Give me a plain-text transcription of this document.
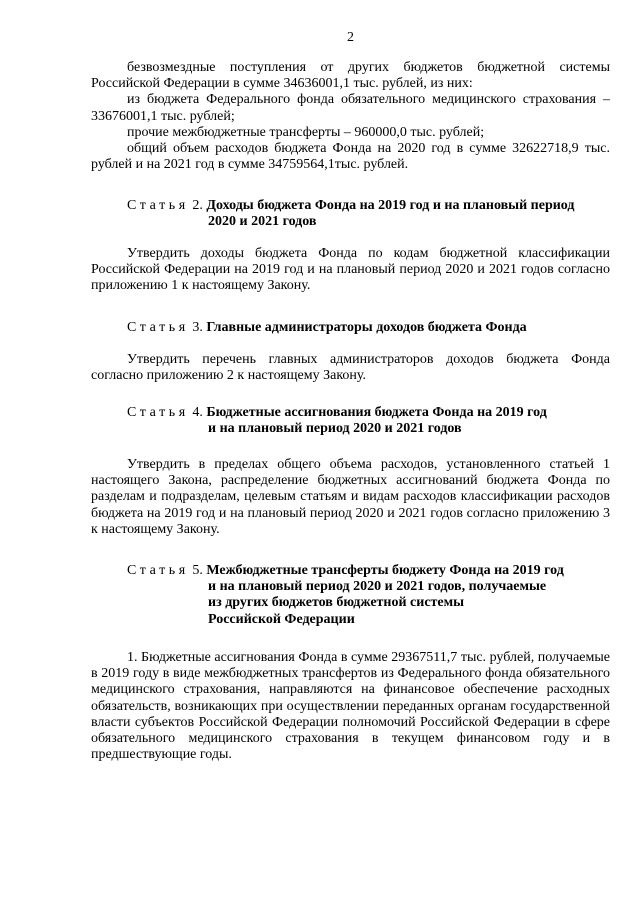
2

безвозмездные поступления от других бюджетов бюджетной системы Российской Федерации в сумме 34636001,1 тыс. рублей, из них:

из бюджета Федерального фонда обязательного медицинского страхования – 33676001,1 тыс. рублей;

прочие межбюджетные трансферты – 960000,0 тыс. рублей;

общий объем расходов бюджета Фонда на 2020 год в сумме 32622718,9 тыс. рублей и на 2021 год в сумме 34759564,1тыс. рублей.

Статья 2. Доходы бюджета Фонда на 2019 год и на плановый период
2020 и 2021 годов

Утвердить доходы бюджета Фонда по кодам бюджетной классификации Российской Федерации на 2019 год и на плановый период 2020 и 2021 годов согласно приложению 1 к настоящему Закону.

Статья 3. Главные администраторы доходов бюджета Фонда

Утвердить перечень главных администраторов доходов бюджета Фонда согласно приложению 2 к настоящему Закону.

Статья 4. Бюджетные ассигнования бюджета Фонда на 2019 год
и на плановый период 2020 и 2021 годов

Утвердить в пределах общего объема расходов, установленного статьей 1 настоящего Закона, распределение бюджетных ассигнований бюджета Фонда по разделам и подразделам, целевым статьям и видам расходов классификации расходов бюджета на 2019 год и на плановый период 2020 и 2021 годов согласно приложению 3 к настоящему Закону.

Статья 5. Межбюджетные трансферты бюджету Фонда на 2019 год
и на плановый период 2020 и 2021 годов, получаемые
из других бюджетов бюджетной системы
Российской Федерации

1. Бюджетные ассигнования Фонда в сумме 29367511,7 тыс. рублей, получаемые в 2019 году в виде межбюджетных трансфертов из Федерального фонда обязательного медицинского страхования, направляются на финансовое обеспечение расходных обязательств, возникающих при осуществлении переданных органам государственной власти субъектов Российской Федерации полномочий Российской Федерации в сфере обязательного медицинского страхования в текущем финансовом году и в предшествующие годы.
